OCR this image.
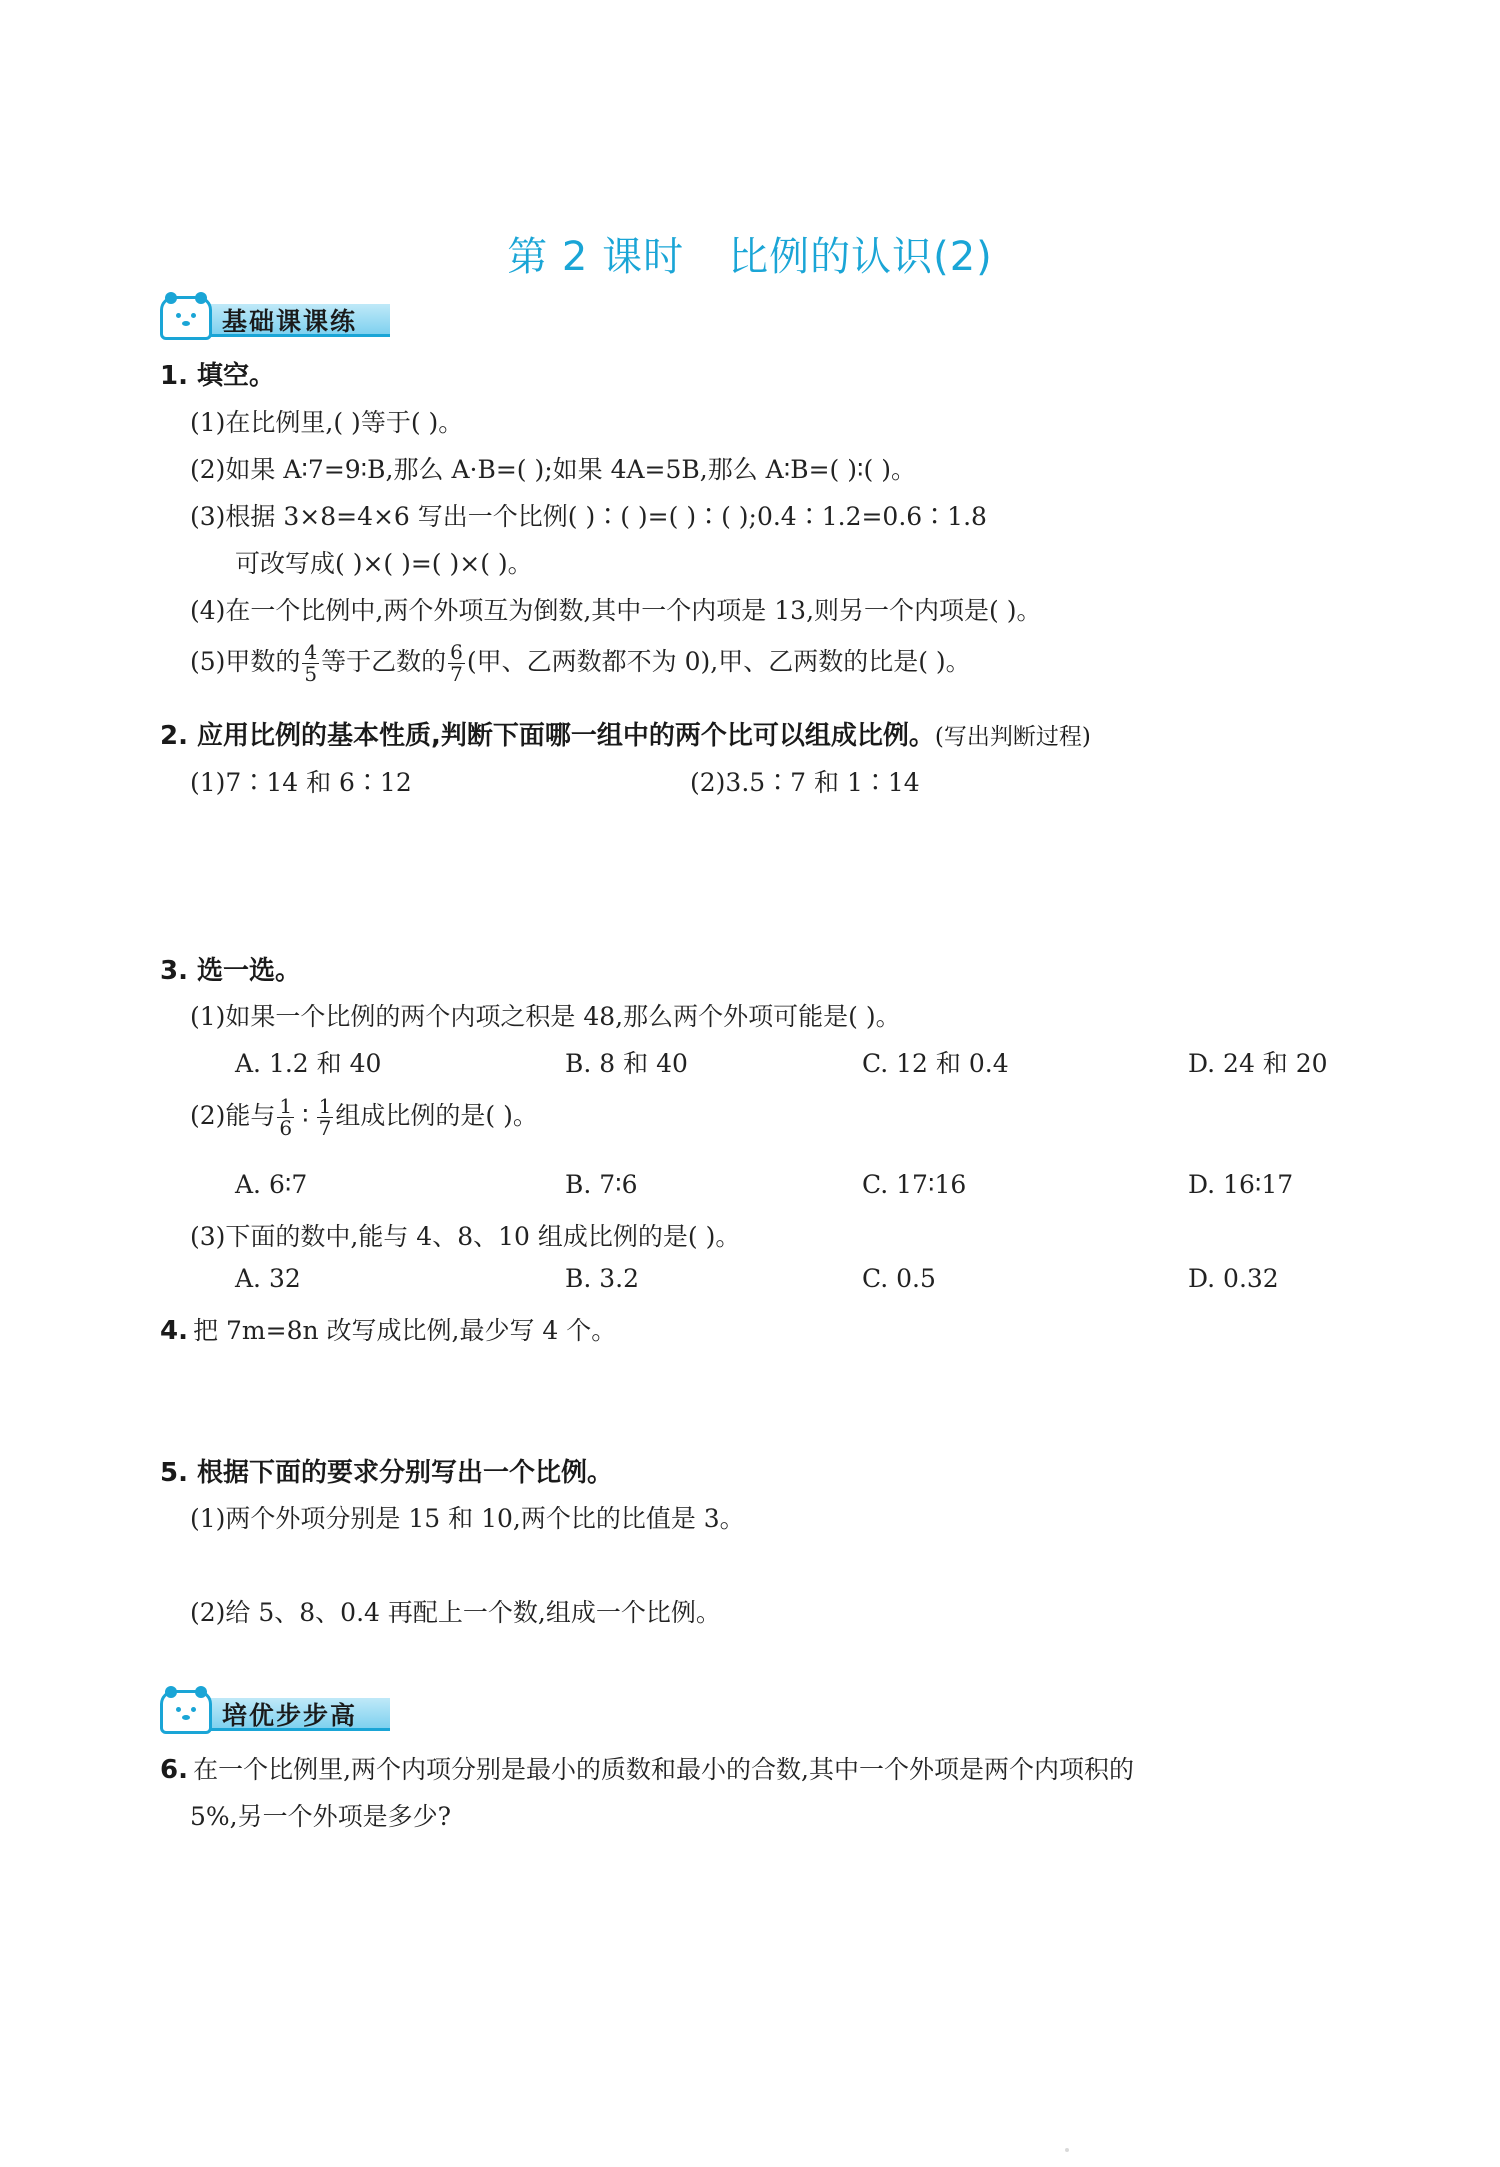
第 2 课时 比例的认识(2)
基础课课练
1. 填空。
(1)在比例里,( )等于( )。
(2)如果 A∶7=9∶B,那么 A·B=( );如果 4A=5B,那么 A∶B=( )∶( )。
(3)根据 3×8=4×6 写出一个比例( )∶( )=( )∶( );0.4∶1.2=0.6∶1.8
可改写成( )×( )=( )×( )。
(4)在一个比例中,两个外项互为倒数,其中一个内项是 13,则另一个内项是( )。
(5)甲数的 $\frac{4}{5}$ 等于乙数的 $\frac{6}{7}$ (甲、乙两数都不为 0),甲、乙两数的比是( )。
2. 应用比例的基本性质,判断下面哪一组中的两个比可以组成比例。(写出判断过程)
(1)7∶14 和 6∶12	(2)3.5∶7 和 1∶14
3. 选一选。
(1)如果一个比例的两个内项之积是 48,那么两个外项可能是( )。
A. 1.2 和 40	B. 8 和 40	C. 12 和 0.4	D. 24 和 20
(2)能与 $\frac{1}{6}$ ∶ $\frac{1}{7}$ 组成比例的是( )。
A. 6∶7	B. 7∶6	C. 17∶16	D. 16∶17
(3)下面的数中,能与 4、8、10 组成比例的是( )。
A. 32	B. 3.2	C. 0.5	D. 0.32
4. 把 7m=8n 改写成比例,最少写 4 个。
5. 根据下面的要求分别写出一个比例。
(1)两个外项分别是 15 和 10,两个比的比值是 3。
(2)给 5、8、0.4 再配上一个数,组成一个比例。
培优步步高
6. 在一个比例里,两个内项分别是最小的质数和最小的合数,其中一个外项是两个内项积的
5%,另一个外项是多少?
